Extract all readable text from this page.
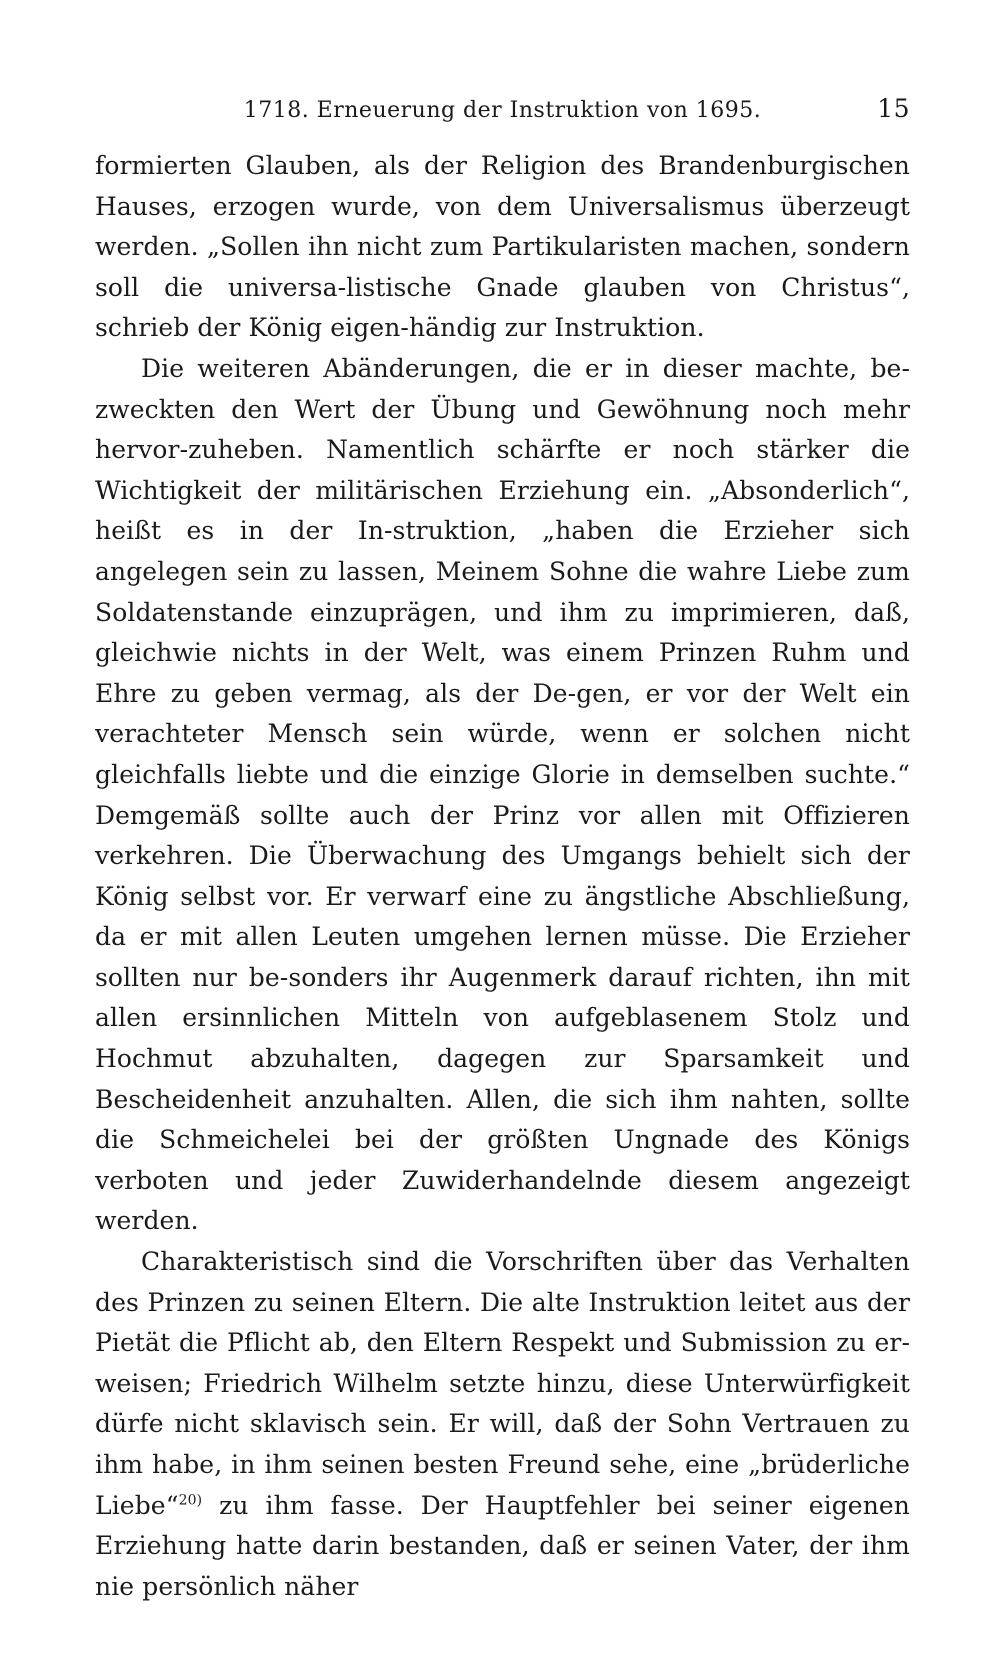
1718. Erneuerung der Instruktion von 1695.	15

formierten Glauben, als der Religion des Brandenburgischen Hauses, erzogen wurde, von dem Universalismus überzeugt werden. „Sollen ihn nicht zum Partikularisten machen, sondern soll die universa-listische Gnade glauben von Christus“, schrieb der König eigen-händig zur Instruktion.

Die weiteren Abänderungen, die er in dieser machte, be-zweckten den Wert der Übung und Gewöhnung noch mehr hervor-zuheben. Namentlich schärfte er noch stärker die Wichtigkeit der militärischen Erziehung ein. „Absonderlich“, heißt es in der In-struktion, „haben die Erzieher sich angelegen sein zu lassen, Meinem Sohne die wahre Liebe zum Soldatenstande einzuprägen, und ihm zu imprimieren, daß, gleichwie nichts in der Welt, was einem Prinzen Ruhm und Ehre zu geben vermag, als der De-gen, er vor der Welt ein verachteter Mensch sein würde, wenn er solchen nicht gleichfalls liebte und die einzige Glorie in demselben suchte.“ Demgemäß sollte auch der Prinz vor allen mit Offizieren verkehren. Die Überwachung des Umgangs behielt sich der König selbst vor. Er verwarf eine zu ängstliche Abschließung, da er mit allen Leuten umgehen lernen müsse. Die Erzieher sollten nur be-sonders ihr Augenmerk darauf richten, ihn mit allen ersinnlichen Mitteln von aufgeblasenem Stolz und Hochmut abzuhalten, dagegen zur Sparsamkeit und Bescheidenheit anzuhalten. Allen, die sich ihm nahten, sollte die Schmeichelei bei der größten Ungnade des Königs verboten und jeder Zuwiderhandelnde diesem angezeigt werden.

Charakteristisch sind die Vorschriften über das Verhalten des Prinzen zu seinen Eltern. Die alte Instruktion leitet aus der Pietät die Pflicht ab, den Eltern Respekt und Submission zu er-weisen; Friedrich Wilhelm setzte hinzu, diese Unterwürfigkeit dürfe nicht sklavisch sein. Er will, daß der Sohn Vertrauen zu ihm habe, in ihm seinen besten Freund sehe, eine „brüderliche Liebe“$^{20)}$ zu ihm fasse. Der Hauptfehler bei seiner eigenen Erziehung hatte darin bestanden, daß er seinen Vater, der ihm nie persönlich näher
